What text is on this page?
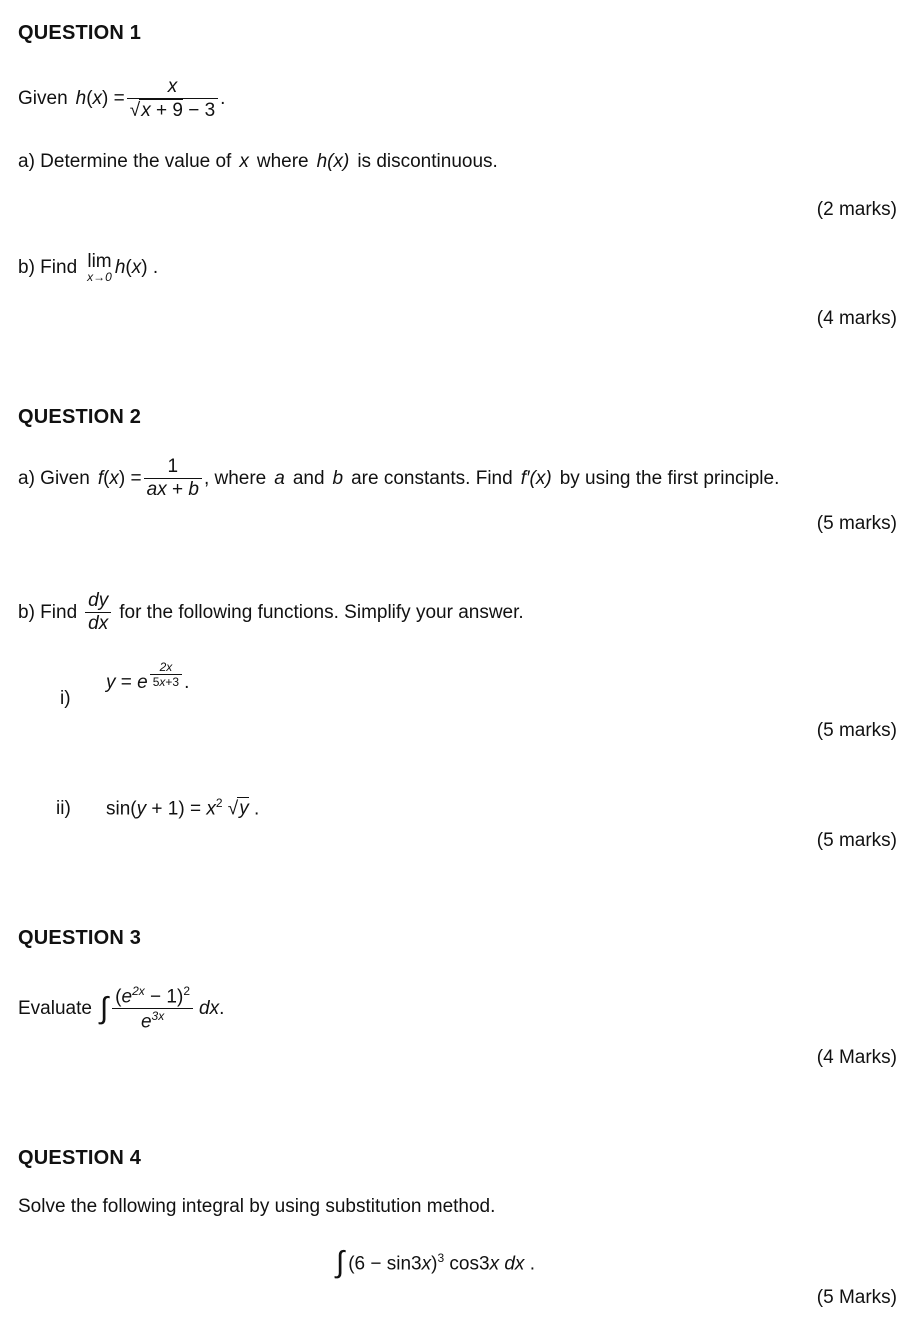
QUESTION 1
Given h ( x ) = $\frac{x}{√x + 9 - 3}$ .
a) Determine the value of x where h(x) is discontinuous.
(2 marks)
b) Find lim
x→0 h ( x ) .
(4 marks)
QUESTION 2
a) Given $f(x) = \frac{1}{ax + b}$ , where a and b are constants. Find f′(x) by using the first principle.
(5 marks)
b) Find $\frac{dy}{dx}$ for the following functions. Simplify your answer.
i)
y = e $\frac{2x}{5x+3}$ .
(5 marks)
ii) $\sin(y + 1) = x^2$ √y .
(5 marks)
QUESTION 3
Evaluate ∫ $\frac{(e^{2x} - 1)^2}{e^{3x}}$ dx .
(4 Marks)
QUESTION 4
Solve the following integral by using substitution method.
∫ $(6 - \sin 3x)^3$ cos3x dx .
(5 Marks)
